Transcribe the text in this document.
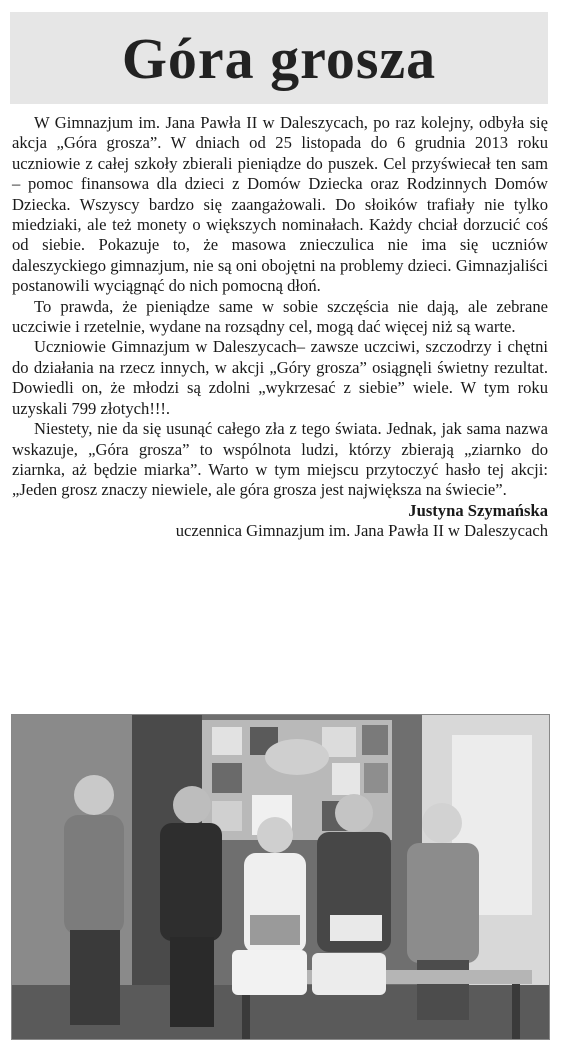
Góra grosza

W Gimnazjum im. Jana Pawła II w Daleszycach, po raz kolejny, odbyła się akcja „Góra grosza”. W dniach od 25 listopada do 6 grudnia 2013 roku uczniowie z całej szkoły zbierali pieniądze do puszek. Cel przyświecał ten sam – pomoc finansowa dla dzieci z Domów Dziecka oraz Rodzinnych Domów Dziecka. Wszyscy bardzo się zaangażowali. Do słoików trafiały nie tylko miedziaki, ale też monety o większych nominałach. Każdy chciał dorzucić coś od siebie. Pokazuje to, że masowa znieczulica nie ima się uczniów daleszyckiego gimnazjum, nie są oni obojętni na problemy dzieci. Gimnazjaliści postanowili wyciągnąć do nich pomocną dłoń.

To prawda, że pieniądze same w sobie szczęścia nie dają, ale zebrane uczciwie i rzetelnie, wydane na rozsądny cel, mogą dać więcej niż są warte.

Uczniowie Gimnazjum w Daleszycach– zawsze uczciwi, szczodrzy i chętni do działania na rzecz innych, w akcji „Góry grosza” osiągnęli świetny rezultat. Dowiedli on, że młodzi są zdolni „wykrzesać z siebie” wiele. W tym roku uzyskali 799 złotych!!!.

Niestety, nie da się usunąć całego zła z tego świata. Jednak, jak sama nazwa wskazuje, „Góra grosza” to wspólnota ludzi, którzy zbierają „ziarnko do ziarnka, aż będzie miarka”. Warto w tym miejscu przytoczyć hasło tej akcji: „Jeden grosz znaczy niewiele, ale góra grosza jest największa na świecie”.

Justyna Szymańska
uczennica Gimnazjum im. Jana Pawła II w Daleszycach
